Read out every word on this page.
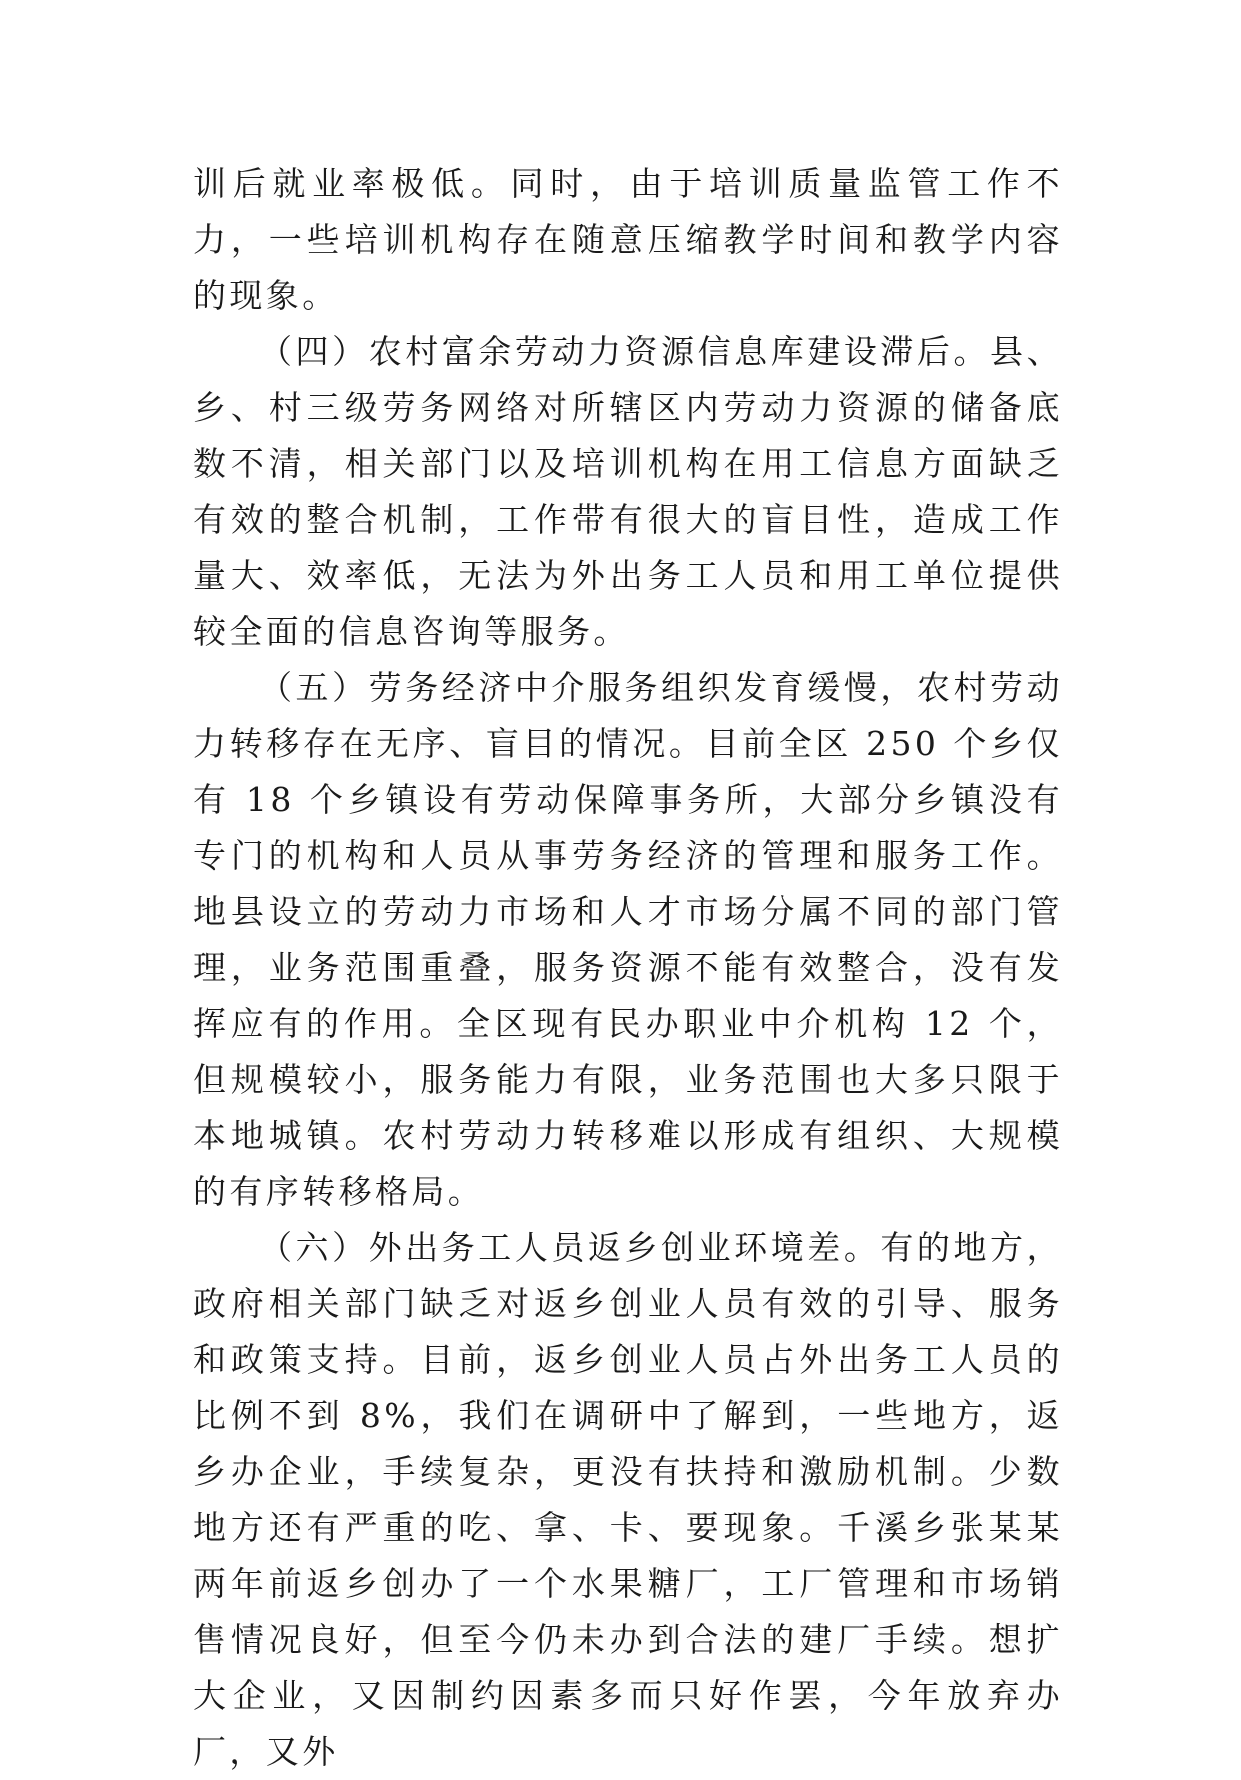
训后就业率极低。同时，由于培训质量监管工作不力，一些培训机构存在随意压缩教学时间和教学内容的现象。

（四）农村富余劳动力资源信息库建设滞后。县、乡、村三级劳务网络对所辖区内劳动力资源的储备底数不清，相关部门以及培训机构在用工信息方面缺乏有效的整合机制，工作带有很大的盲目性，造成工作量大、效率低，无法为外出务工人员和用工单位提供较全面的信息咨询等服务。

（五）劳务经济中介服务组织发育缓慢，农村劳动力转移存在无序、盲目的情况。目前全区 250 个乡仅有 18 个乡镇设有劳动保障事务所，大部分乡镇没有专门的机构和人员从事劳务经济的管理和服务工作。地县设立的劳动力市场和人才市场分属不同的部门管理，业务范围重叠，服务资源不能有效整合，没有发挥应有的作用。全区现有民办职业中介机构 12 个，但规模较小，服务能力有限，业务范围也大多只限于本地城镇。农村劳动力转移难以形成有组织、大规模的有序转移格局。

（六）外出务工人员返乡创业环境差。有的地方，政府相关部门缺乏对返乡创业人员有效的引导、服务和政策支持。目前，返乡创业人员占外出务工人员的比例不到 8%，我们在调研中了解到，一些地方，返乡办企业，手续复杂，更没有扶持和激励机制。少数地方还有严重的吃、拿、卡、要现象。千溪乡张某某两年前返乡创办了一个水果糖厂，工厂管理和市场销售情况良好，但至今仍未办到合法的建厂手续。想扩大企业，又因制约因素多而只好作罢，今年放弃办厂，又外
